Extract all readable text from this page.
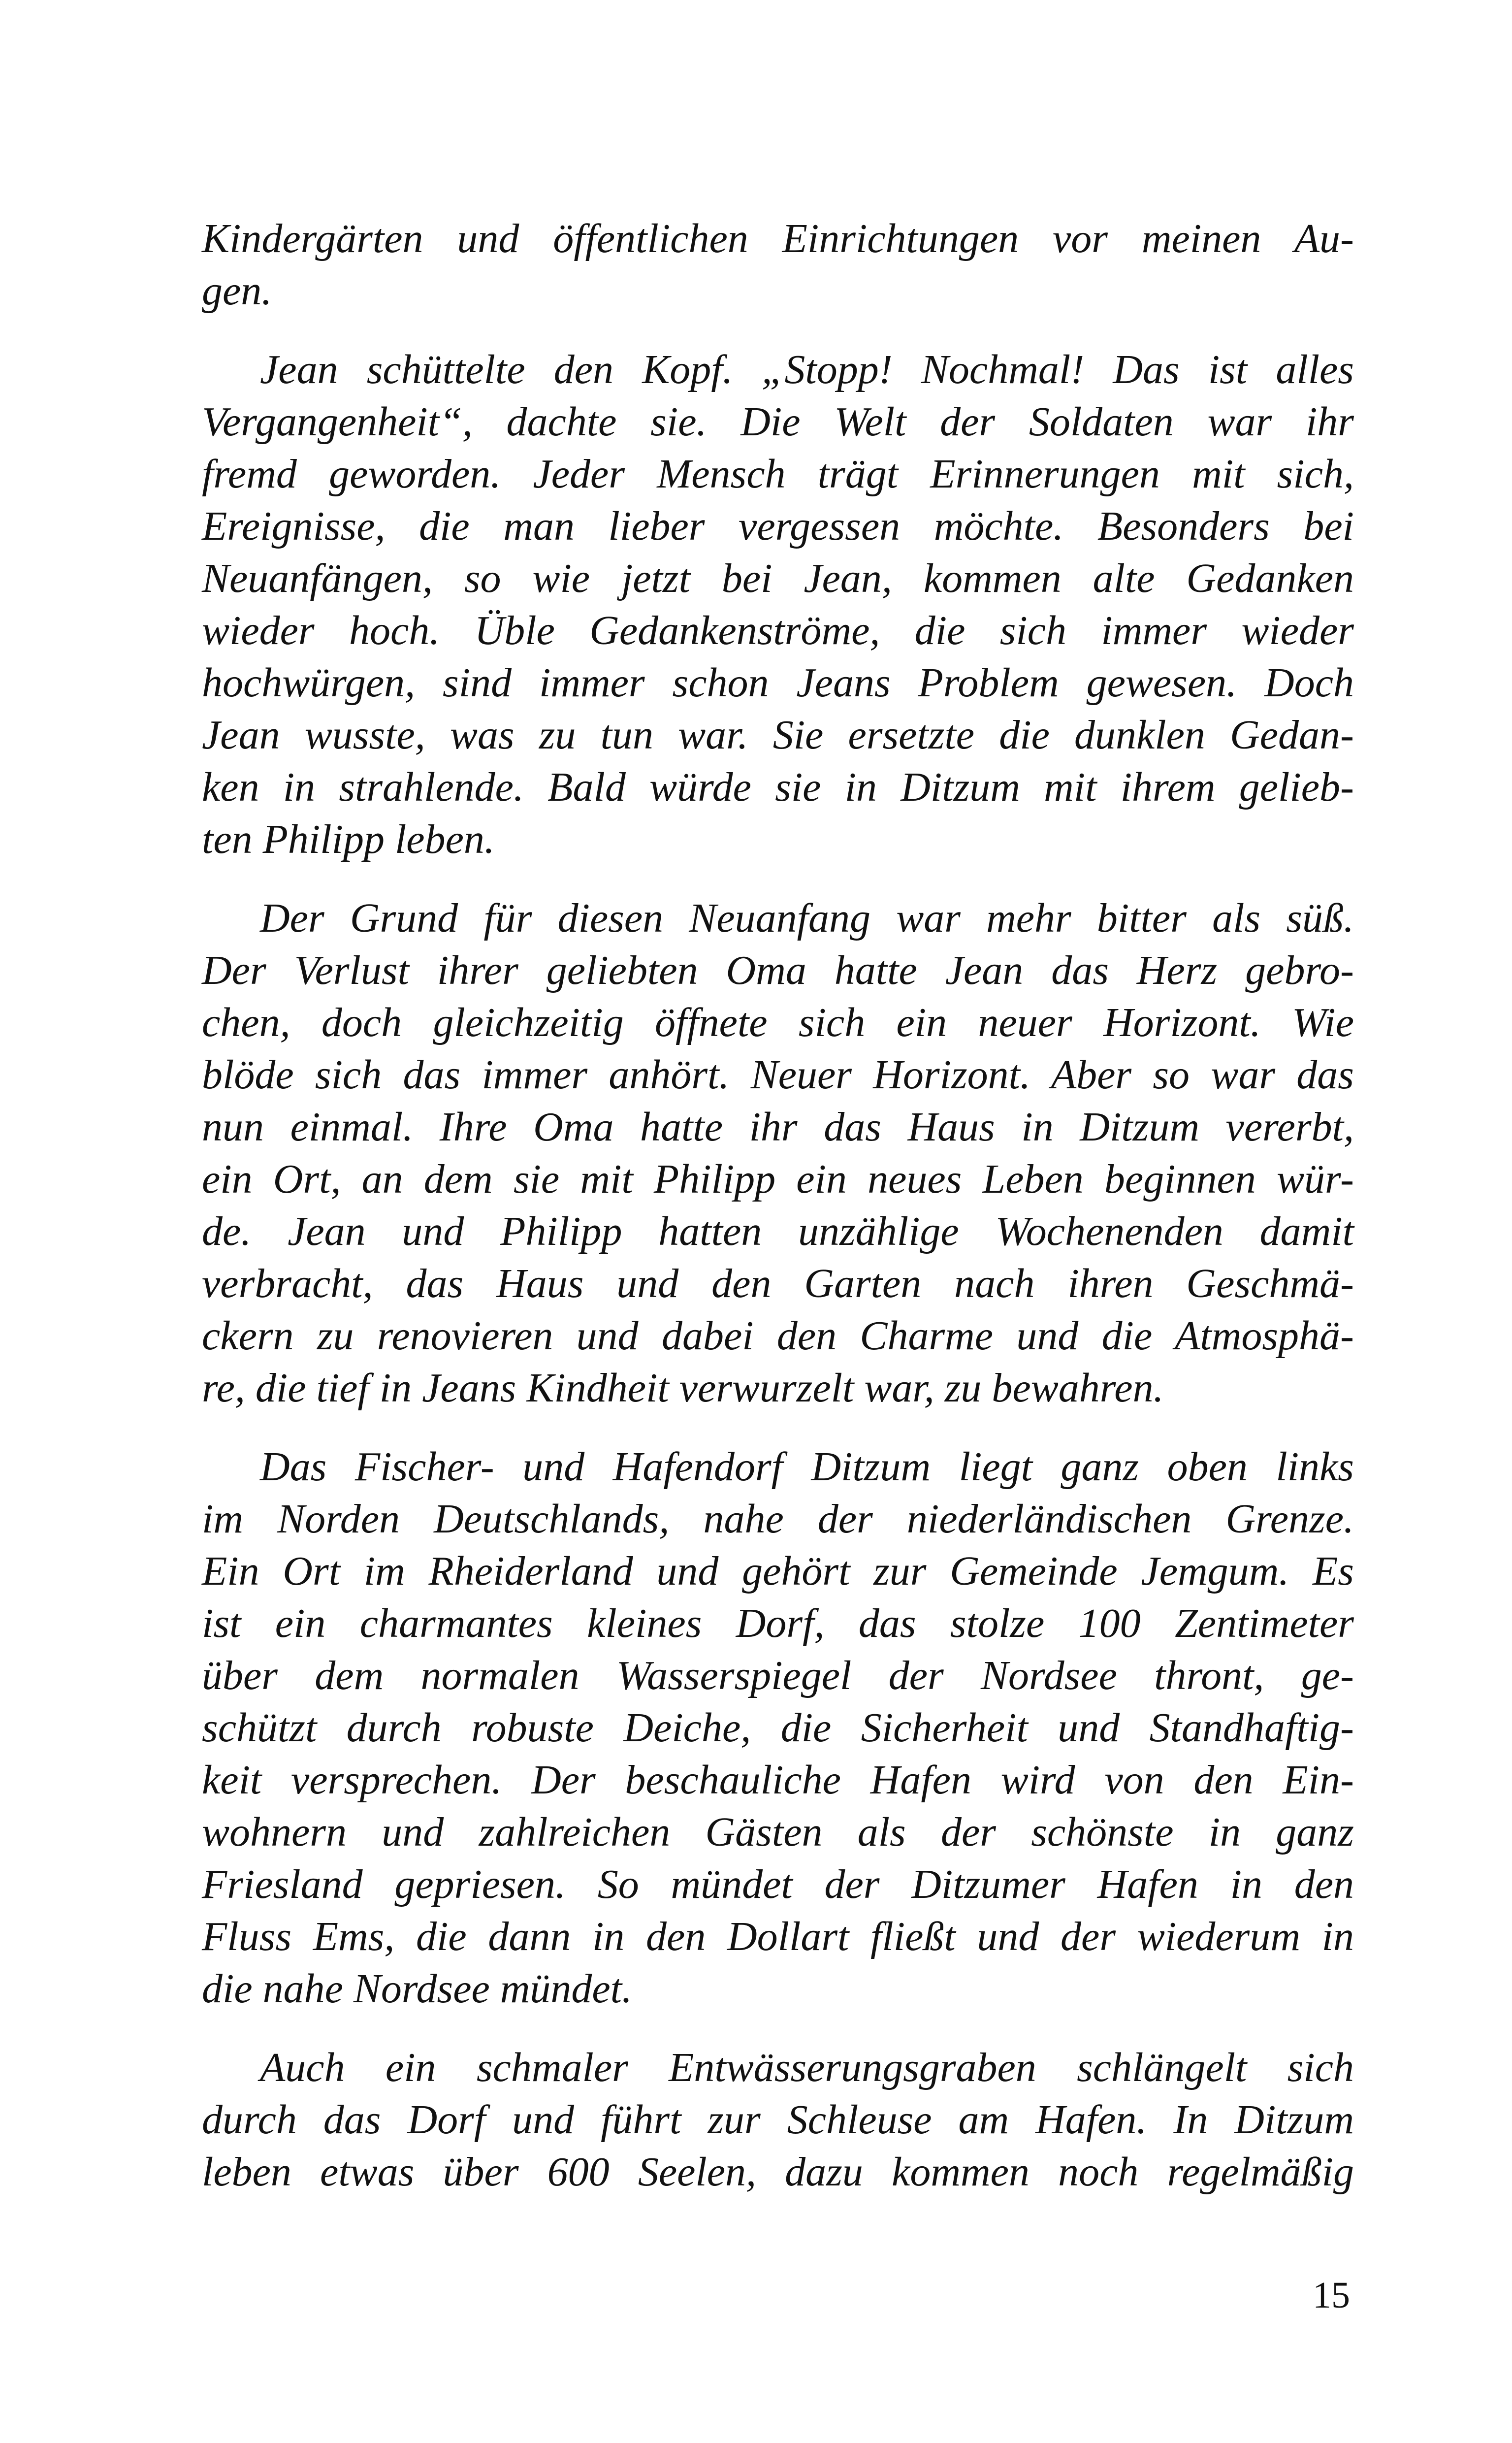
Kindergärten und öffentlichen Einrichtungen vor meinen Au-
gen.
Jean schüttelte den Kopf. „Stopp! Nochmal! Das ist alles
Vergangenheit“, dachte sie. Die Welt der Soldaten war ihr
fremd geworden. Jeder Mensch trägt Erinnerungen mit sich,
Ereignisse, die man lieber vergessen möchte. Besonders bei
Neuanfängen, so wie jetzt bei Jean, kommen alte Gedanken
wieder hoch. Üble Gedankenströme, die sich immer wieder
hochwürgen, sind immer schon Jeans Problem gewesen. Doch
Jean wusste, was zu tun war. Sie ersetzte die dunklen Gedan-
ken in strahlende. Bald würde sie in Ditzum mit ihrem gelieb-
ten Philipp leben.
Der Grund für diesen Neuanfang war mehr bitter als süß.
Der Verlust ihrer geliebten Oma hatte Jean das Herz gebro-
chen, doch gleichzeitig öffnete sich ein neuer Horizont. Wie
blöde sich das immer anhört. Neuer Horizont. Aber so war das
nun einmal. Ihre Oma hatte ihr das Haus in Ditzum vererbt,
ein Ort, an dem sie mit Philipp ein neues Leben beginnen wür-
de. Jean und Philipp hatten unzählige Wochenenden damit
verbracht, das Haus und den Garten nach ihren Geschmä-
ckern zu renovieren und dabei den Charme und die Atmosphä-
re, die tief in Jeans Kindheit verwurzelt war, zu bewahren.
Das Fischer- und Hafendorf Ditzum liegt ganz oben links
im Norden Deutschlands, nahe der niederländischen Grenze.
Ein Ort im Rheiderland und gehört zur Gemeinde Jemgum. Es
ist ein charmantes kleines Dorf, das stolze 100 Zentimeter
über dem normalen Wasserspiegel der Nordsee thront, ge-
schützt durch robuste Deiche, die Sicherheit und Standhaftig-
keit versprechen. Der beschauliche Hafen wird von den Ein-
wohnern und zahlreichen Gästen als der schönste in ganz
Friesland gepriesen. So mündet der Ditzumer Hafen in den
Fluss Ems, die dann in den Dollart fließt und der wiederum in
die nahe Nordsee mündet.
Auch ein schmaler Entwässerungsgraben schlängelt sich
durch das Dorf und führt zur Schleuse am Hafen. In Ditzum
leben etwas über 600 Seelen, dazu kommen noch regelmäßig
15
